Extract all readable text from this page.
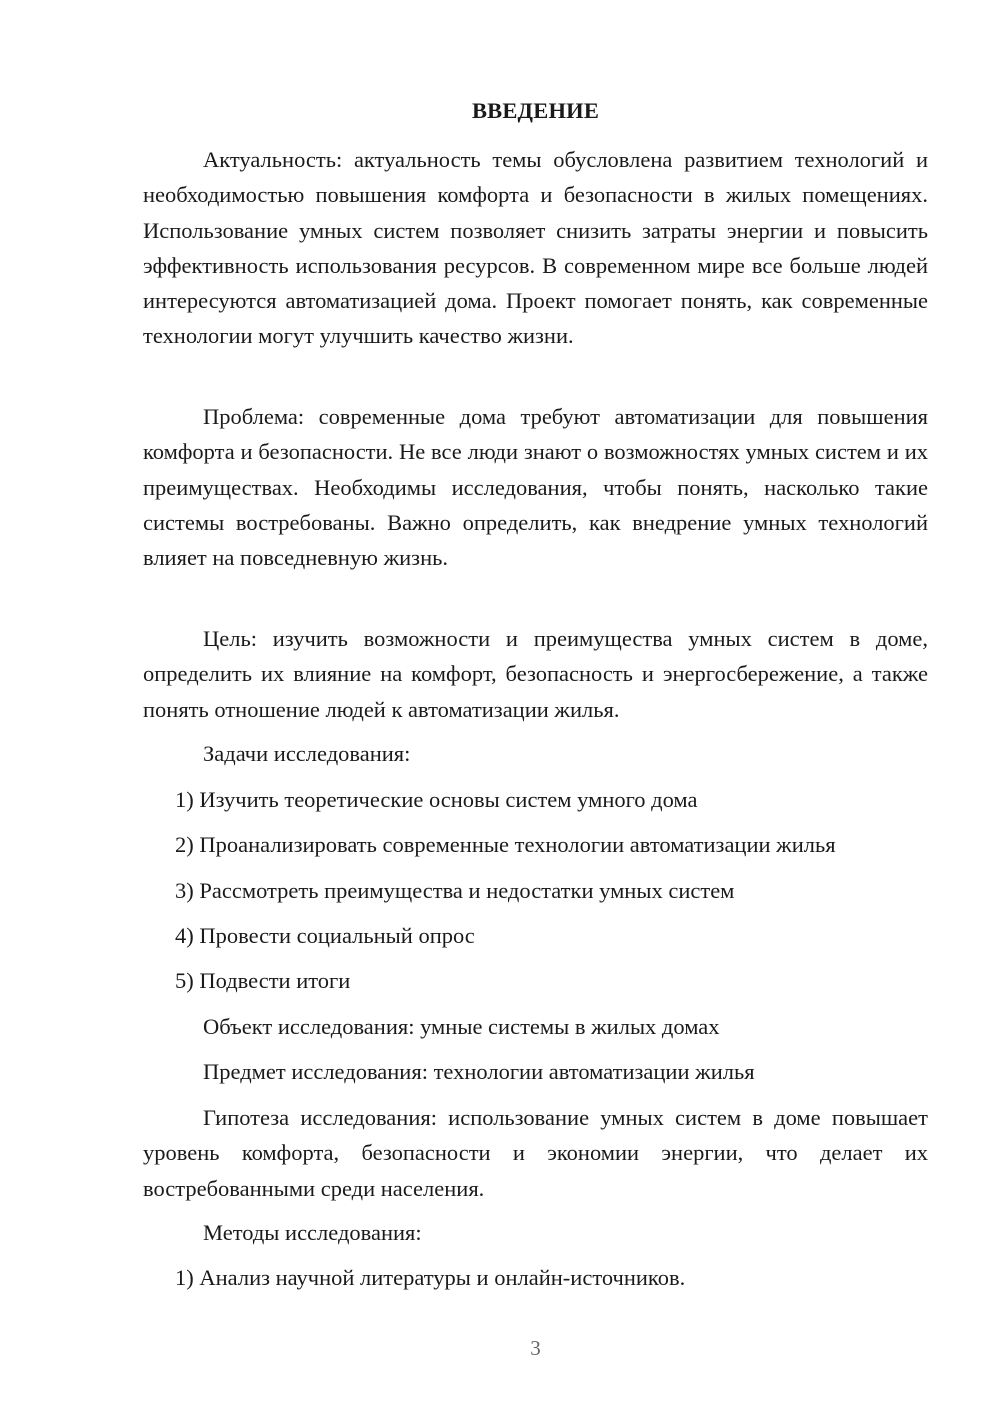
ВВЕДЕНИЕ

Актуальность: актуальность темы обусловлена развитием технологий и необходимостью повышения комфорта и безопасности в жилых помещениях. Использование умных систем позволяет снизить затраты энергии и повысить эффективность использования ресурсов. В современном мире все больше людей интересуются автоматизацией дома. Проект помогает понять, как современные технологии могут улучшить качество жизни.

Проблема: современные дома требуют автоматизации для повышения комфорта и безопасности. Не все люди знают о возможностях умных систем и их преимуществах. Необходимы исследования, чтобы понять, насколько такие системы востребованы. Важно определить, как внедрение умных технологий влияет на повседневную жизнь.

Цель: изучить возможности и преимущества умных систем в доме, определить их влияние на комфорт, безопасность и энергосбережение, а также понять отношение людей к автоматизации жилья.

Задачи исследования:

1) Изучить теоретические основы систем умного дома

2) Проанализировать современные технологии автоматизации жилья

3) Рассмотреть преимущества и недостатки умных систем

4) Провести социальный опрос

5) Подвести итоги

Объект исследования: умные системы в жилых домах

Предмет исследования: технологии автоматизации жилья

Гипотеза исследования: использование умных систем в доме повышает уровень комфорта, безопасности и экономии энергии, что делает их востребованными среди населения.

Методы исследования:

1) Анализ научной литературы и онлайн-источников.

3
